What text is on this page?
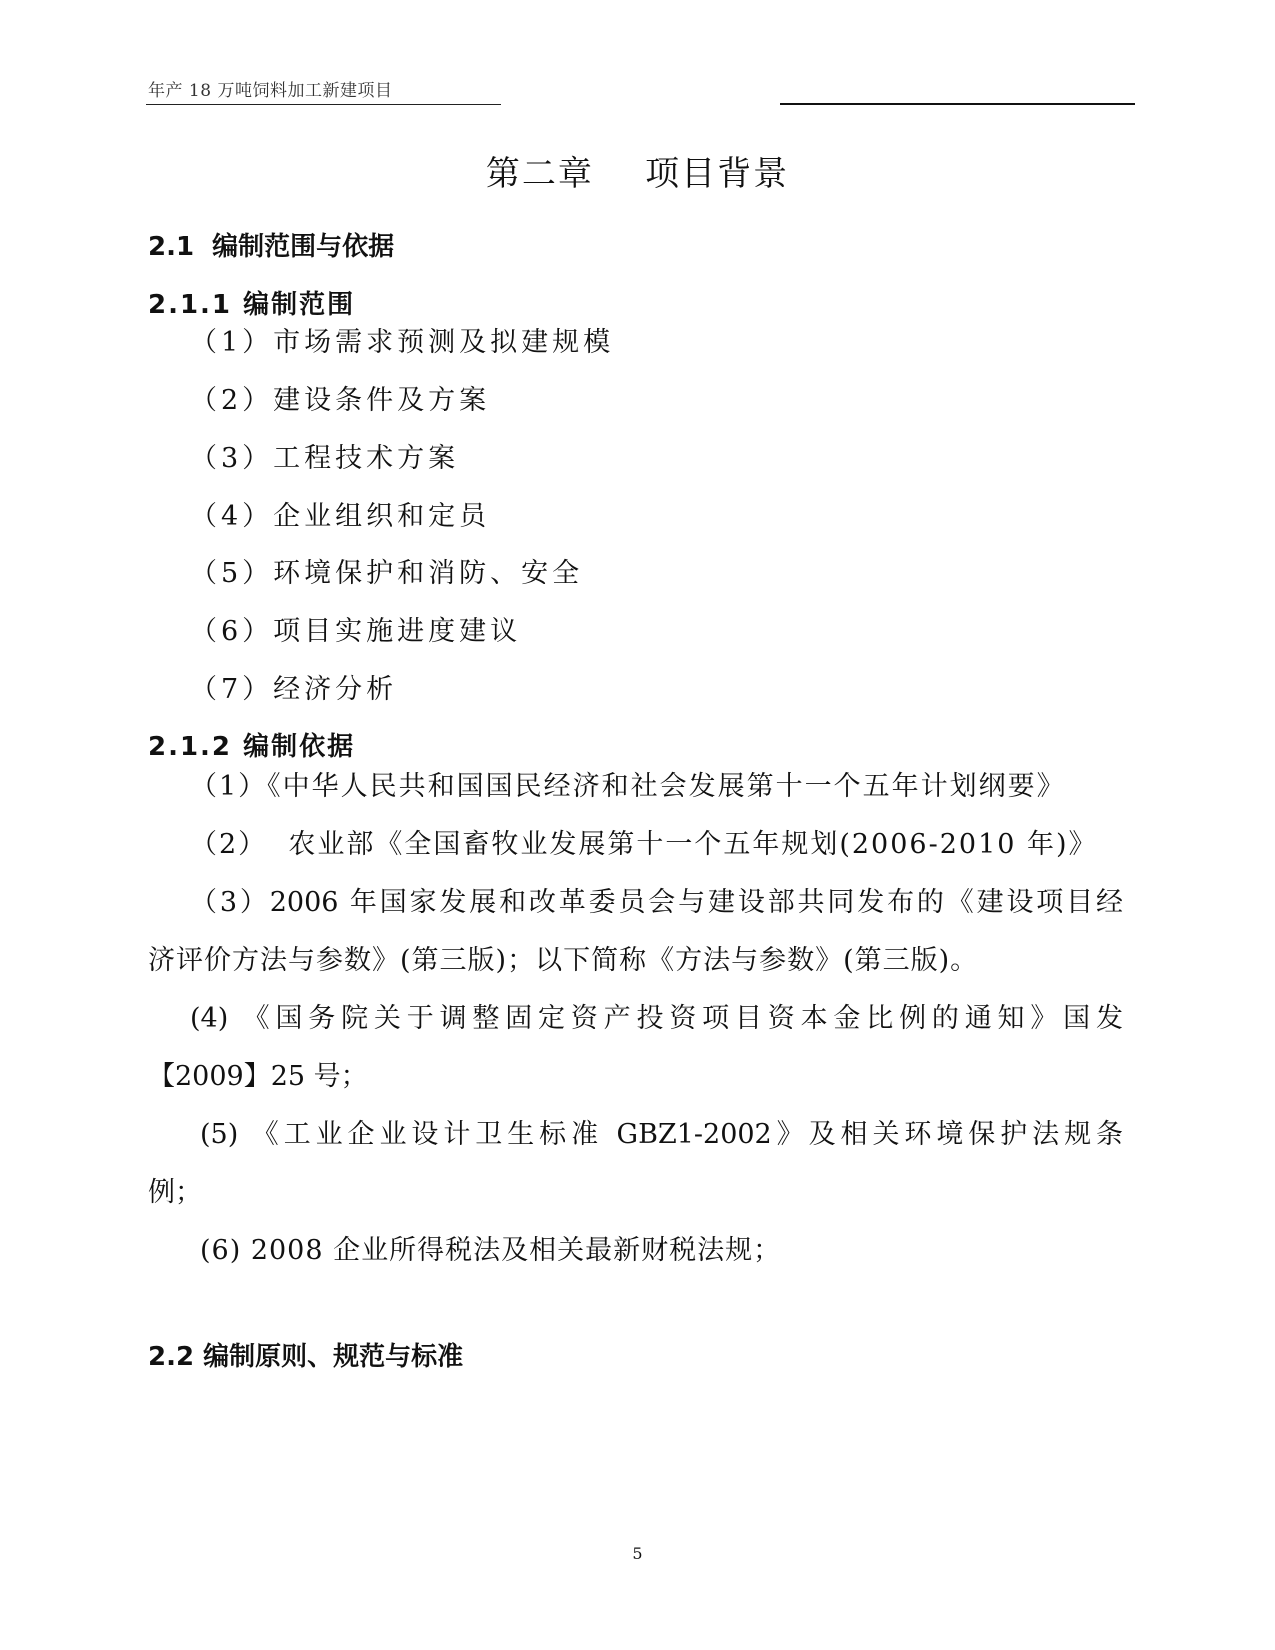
年产 18 万吨饲料加工新建项目
第二章    项目背景
2.1  编制范围与依据
2.1.1 编制范围
（1）市场需求预测及拟建规模
（2）建设条件及方案
（3）工程技术方案
（4）企业组织和定员
（5）环境保护和消防、安全
（6）项目实施进度建议
（7）经济分析
2.1.2 编制依据
（1）《中华人民共和国国民经济和社会发展第十一个五年计划纲要》
（2）  农业部《全国畜牧业发展第十一个五年规划(2006-2010 年)》
（3）2006 年国家发展和改革委员会与建设部共同发布的《建设项目经
济评价方法与参数》(第三版)；以下简称《方法与参数》(第三版)。
(4) 《国务院关于调整固定资产投资项目资本金比例的通知》国发
【2009】25 号；
(5) 《工业企业设计卫生标准 GBZ1-2002》及相关环境保护法规条
例；
(6) 2008 企业所得税法及相关最新财税法规；
2.2 编制原则、规范与标准
5
